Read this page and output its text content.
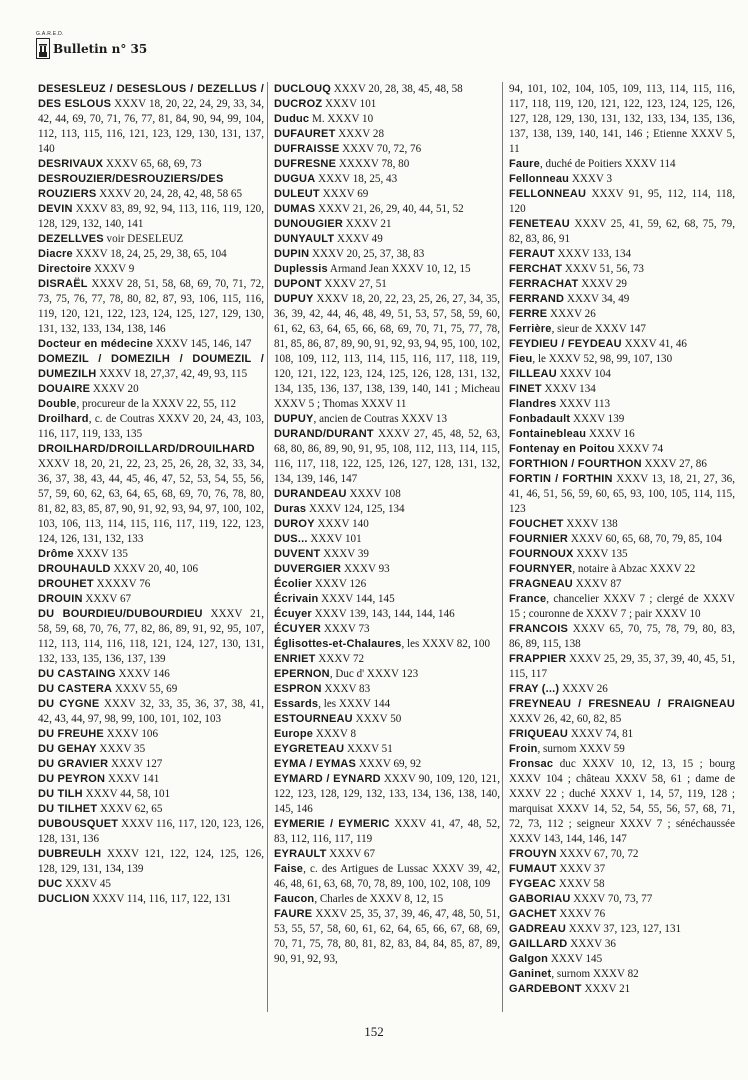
G.A.R.E.D.
Bulletin n° 35

DESESLEUZ / DESESLOUS / DEZELLUS / DES ESLOUS XXXV 18, 20, 22, 24, 29, 33, 34, 42, 44, 69, 70, 71, 76, 77, 81, 84, 90, 94, 99, 104, 112, 113, 115, 116, 121, 123, 129, 130, 131, 137, 140

DESRIVAUX XXXV 65, 68, 69, 73

DESROUZIER/DESROUZIERS/DES ROUZIERS XXXV 20, 24, 28, 42, 48, 58 65

DEVIN XXXV 83, 89, 92, 94, 113, 116, 119, 120, 128, 129, 132, 140, 141

DEZELLVES voir DESELEUZ

Diacre XXXV 18, 24, 25, 29, 38, 65, 104

Directoire XXXV 9

DISRAËL XXXV 28, 51, 58, 68, 69, 70, 71, 72, 73, 75, 76, 77, 78, 80, 82, 87, 93, 106, 115, 116, 119, 120, 121, 122, 123, 124, 125, 127, 129, 130, 131, 132, 133, 134, 138, 146

Docteur en médecine XXXV 145, 146, 147

DOMEZIL / DOMEZILH / DOUMEZIL / DUMEZILH XXXV 18, 27,37, 42, 49, 93, 115

DOUAIRE XXXV 20

Double, procureur de la XXXV 22, 55, 112

Droilhard, c. de Coutras XXXV 20, 24, 43, 103, 116, 117, 119, 133, 135

DROILHARD/DROILLARD/DROUILHARD XXXV 18, 20, 21, 22, 23, 25, 26, 28, 32, 33, 34, 36, 37, 38, 43, 44, 45, 46, 47, 52, 53, 54, 55, 56, 57, 59, 60, 62, 63, 64, 65, 68, 69, 70, 76, 78, 80, 81, 82, 83, 85, 87, 90, 91, 92, 93, 94, 97, 100, 102, 103, 106, 113, 114, 115, 116, 117, 119, 122, 123, 124, 126, 131, 132, 133

Drôme XXXV 135

DROUHAULD XXXV 20, 40, 106

DROUHET XXXXV 76

DROUIN XXXV 67

DU BOURDIEU/DUBOURDIEU XXXV 21, 58, 59, 68, 70, 76, 77, 82, 86, 89, 91, 92, 95, 107, 112, 113, 114, 116, 118, 121, 124, 127, 130, 131, 132, 133, 135, 136, 137, 139

DU CASTAING XXXV 146

DU CASTERA XXXV 55, 69

DU CYGNE XXXV 32, 33, 35, 36, 37, 38, 41, 42, 43, 44, 97, 98, 99, 100, 101, 102, 103

DU FREUHE XXXV 106

DU GEHAY XXXV 35

DU GRAVIER XXXV 127

DU PEYRON XXXV 141

DU TILH XXXV 44, 58, 101

DU TILHET XXXV 62, 65

DUBOUSQUET XXXV 116, 117, 120, 123, 126, 128, 131, 136

DUBREULH XXXV 121, 122, 124, 125, 126, 128, 129, 131, 134, 139

DUC XXXV 45

DUCLION XXXV 114, 116, 117, 122, 131

DUCLOUQ XXXV 20, 28, 38, 45, 48, 58

DUCROZ XXXV 101

Duduc M. XXXV 10

DUFAURET XXXV 28

DUFRAISSE XXXV 70, 72, 76

DUFRESNE XXXXV 78, 80

DUGUA XXXV 18, 25, 43

DULEUT XXXV 69

DUMAS XXXV 21, 26, 29, 40, 44, 51, 52

DUNOUGIER XXXV 21

DUNYAULT XXXV 49

DUPIN XXXV 20, 25, 37, 38, 83

Duplessis Armand Jean XXXV 10, 12, 15

DUPONT XXXV 27, 51

DUPUY XXXV 18, 20, 22, 23, 25, 26, 27, 34, 35, 36, 39, 42, 44, 46, 48, 49, 51, 53, 57, 58, 59, 60, 61, 62, 63, 64, 65, 66, 68, 69, 70, 71, 75, 77, 78, 81, 85, 86, 87, 89, 90, 91, 92, 93, 94, 95, 100, 102, 108, 109, 112, 113, 114, 115, 116, 117, 118, 119, 120, 121, 122, 123, 124, 125, 126, 128, 131, 132, 134, 135, 136, 137, 138, 139, 140, 141 ; Micheau XXXV 5 ; Thomas XXXV 11

DUPUY, ancien de Coutras XXXV 13

DURAND/DURANT XXXV 27, 45, 48, 52, 63, 68, 80, 86, 89, 90, 91, 95, 108, 112, 113, 114, 115, 116, 117, 118, 122, 125, 126, 127, 128, 131, 132, 134, 139, 146, 147

DURANDEAU XXXV 108

Duras XXXV 124, 125, 134

DUROY XXXV 140

DUS... XXXV 101

DUVENT XXXV 39

DUVERGIER XXXV 93

Écolier XXXV 126

Écrivain XXXV 144, 145

Écuyer XXXV 139, 143, 144, 144, 146

ÉCUYER XXXV 73

Églisottes-et-Chalaures, les XXXV 82, 100

ENRIET XXXV 72

EPERNON, Duc d' XXXV 123

ESPRON XXXV 83

Essards, les XXXV 144

ESTOURNEAU XXXV 50

Europe XXXV 8

EYGRETEAU XXXV 51

EYMA / EYMAS XXXV 69, 92

EYMARD / EYNARD XXXV 90, 109, 120, 121, 122, 123, 128, 129, 132, 133, 134, 136, 138, 140, 145, 146

EYMERIE / EYMERIC XXXV 41, 47, 48, 52, 83, 112, 116, 117, 119

EYRAULT XXXV 67

Faise, c. des Artigues de Lussac XXXV 39, 42, 46, 48, 61, 63, 68, 70, 78, 89, 100, 102, 108, 109

Faucon, Charles de XXXV 8, 12, 15

FAURE XXXV 25, 35, 37, 39, 46, 47, 48, 50, 51, 53, 55, 57, 58, 60, 61, 62, 64, 65, 66, 67, 68, 69, 70, 71, 75, 78, 80, 81, 82, 83, 84, 84, 85, 87, 89, 90, 91, 92, 93,

94, 101, 102, 104, 105, 109, 113, 114, 115, 116, 117, 118, 119, 120, 121, 122, 123, 124, 125, 126, 127, 128, 129, 130, 131, 132, 133, 134, 135, 136, 137, 138, 139, 140, 141, 146 ; Etienne XXXV 5, 11

Faure, duché de Poitiers XXXV 114

Fellonneau XXXV 3

FELLONNEAU XXXV 91, 95, 112, 114, 118, 120

FENETEAU XXXV 25, 41, 59, 62, 68, 75, 79, 82, 83, 86, 91

FERAUT XXXV 133, 134

FERCHAT XXXV 51, 56, 73

FERRACHAT XXXV 29

FERRAND XXXV 34, 49

FERRE XXXV 26

Ferrière, sieur de XXXV 147

FEYDIEU / FEYDEAU XXXV 41, 46

Fieu, le XXXV 52, 98, 99, 107, 130

FILLEAU XXXV 104

FINET XXXV 134

Flandres XXXV 113

Fonbadault XXXV 139

Fontainebleau XXXV 16

Fontenay en Poitou XXXV 74

FORTHION / FOURTHON XXXV 27, 86

FORTIN / FORTHIN XXXV 13, 18, 21, 27, 36, 41, 46, 51, 56, 59, 60, 65, 93, 100, 105, 114, 115, 123

FOUCHET XXXV 138

FOURNIER XXXV 60, 65, 68, 70, 79, 85, 104

FOURNOUX XXXV 135

FOURNYER, notaire à Abzac XXXV 22

FRAGNEAU XXXV 87

France, chancelier XXXV 7 ; clergé de XXXV 15 ; couronne de XXXV 7 ; pair XXXV 10

FRANCOIS XXXV 65, 70, 75, 78, 79, 80, 83, 86, 89, 115, 138

FRAPPIER XXXV 25, 29, 35, 37, 39, 40, 45, 51, 115, 117

FRAY (...) XXXV 26

FREYNEAU / FRESNEAU / FRAIGNEAU XXXV 26, 42, 60, 82, 85

FRIQUEAU XXXV 74, 81

Froin, surnom XXXV 59

Fronsac duc XXXV 10, 12, 13, 15 ; bourg XXXV 104 ; château XXXV 58, 61 ; dame de XXXV 22 ; duché XXXV 1, 14, 57, 119, 128 ; marquisat XXXV 14, 52, 54, 55, 56, 57, 68, 71, 72, 73, 112 ; seigneur XXXV 7 ; sénéchaussée XXXV 143, 144, 146, 147

FROUYN XXXV 67, 70, 72

FUMAUT XXXV 37

FYGEAC XXXV 58

GABORIAU XXXV 70, 73, 77

GACHET XXXV 76

GADREAU XXXV 37, 123, 127, 131

GAILLARD XXXV 36

Galgon XXXV 145

Ganinet, surnom XXXV 82

GARDEBONT XXXV 21

152
